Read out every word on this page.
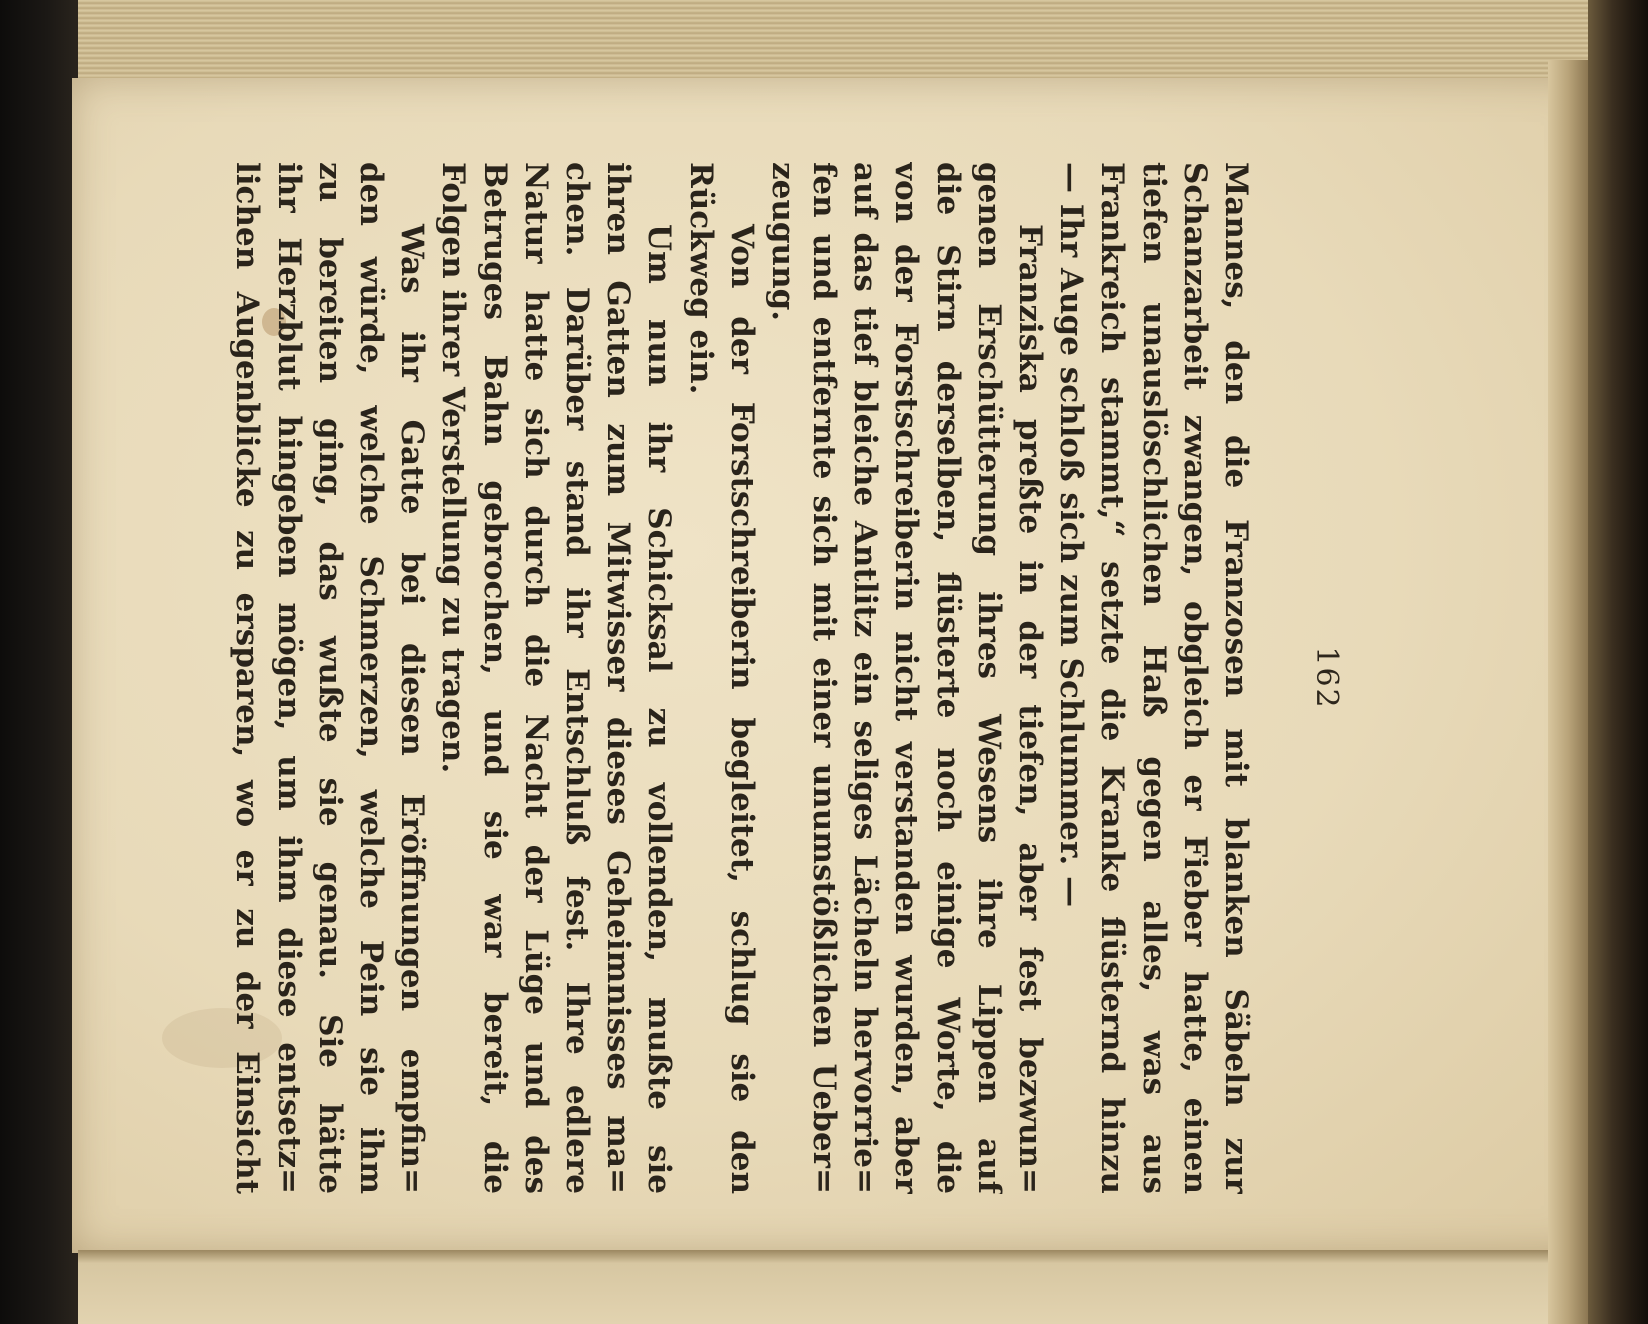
162
Mannes, den die Franzosen mit blanken Säbeln zur
Schanzarbeit zwangen, obgleich er Fieber hatte, einen
tiefen unauslöschlichen Haß gegen alles, was aus
Frankreich stammt,“ setzte die Kranke flüsternd hinzu
— Ihr Auge schloß sich zum Schlummer. —
Franziska preßte in der tiefen, aber fest bezwun=
genen Erschütterung ihres Wesens ihre Lippen auf
die Stirn derselben, flüsterte noch einige Worte, die
von der Forstschreiberin nicht verstanden wurden, aber
auf das tief bleiche Antlitz ein seliges Lächeln hervorrie=
fen und entfernte sich mit einer unumstößlichen Ueber=
zeugung.
Von der Forstschreiberin begleitet, schlug sie den
Rückweg ein.
Um nun ihr Schicksal zu vollenden, mußte sie
ihren Gatten zum Mitwisser dieses Geheimnisses ma=
chen. Darüber stand ihr Entschluß fest. Ihre edlere
Natur hatte sich durch die Nacht der Lüge und des
Betruges Bahn gebrochen, und sie war bereit, die
Folgen ihrer Verstellung zu tragen.
Was ihr Gatte bei diesen Eröffnungen empfin=
den würde, welche Schmerzen, welche Pein sie ihm
zu bereiten ging, das wußte sie genau. Sie hätte
ihr Herzblut hingeben mögen, um ihm diese entsetz=
lichen Augenblicke zu ersparen, wo er zu der Einsicht
